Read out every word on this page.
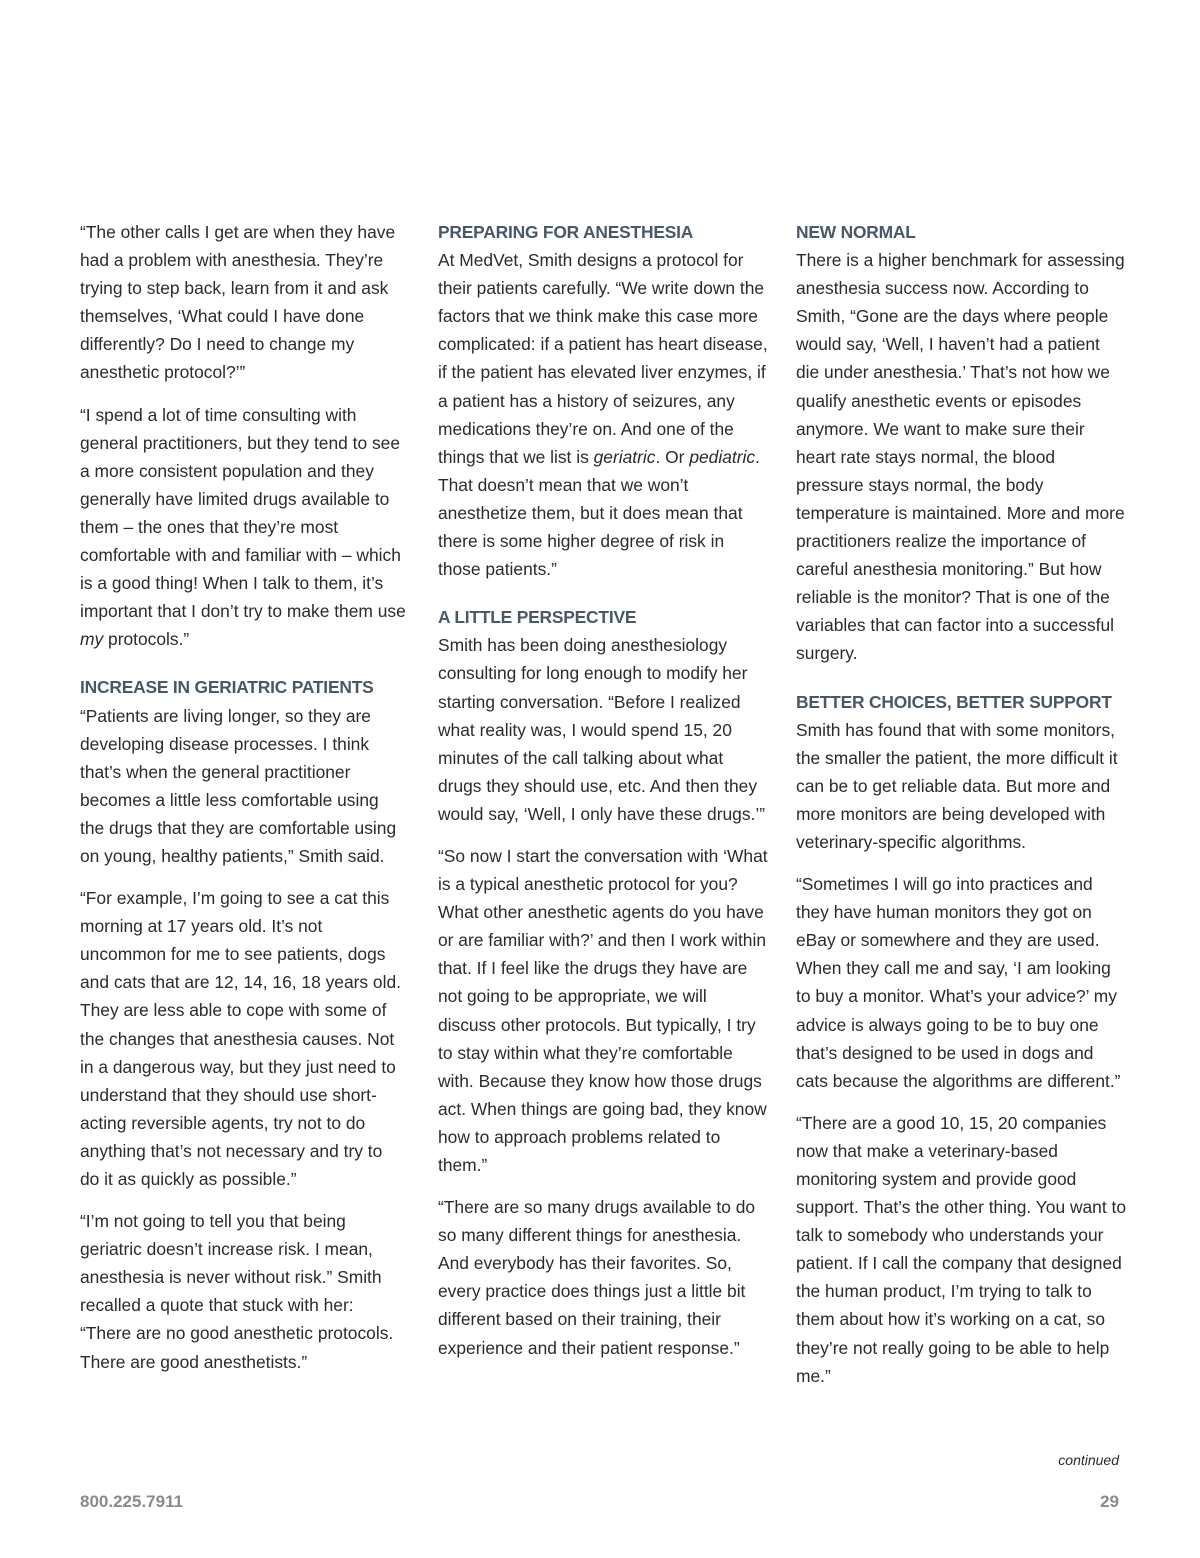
“The other calls I get are when they have had a problem with anesthesia. They’re trying to step back, learn from it and ask themselves, ‘What could I have done differently? Do I need to change my anesthetic protocol?’”

“I spend a lot of time consulting with general practitioners, but they tend to see a more consistent population and they generally have limited drugs available to them – the ones that they’re most comfortable with and familiar with – which is a good thing! When I talk to them, it’s important that I don’t try to make them use my protocols.”

INCREASE IN GERIATRIC PATIENTS

“Patients are living longer, so they are developing disease processes. I think that’s when the general practitioner becomes a little less comfortable using the drugs that they are comfortable using on young, healthy patients,” Smith said.

“For example, I’m going to see a cat this morning at 17 years old. It’s not uncommon for me to see patients, dogs and cats that are 12, 14, 16, 18 years old. They are less able to cope with some of the changes that anesthesia causes. Not in a dangerous way, but they just need to understand that they should use short-acting reversible agents, try not to do anything that’s not necessary and try to do it as quickly as possible.”

“I’m not going to tell you that being geriatric doesn’t increase risk. I mean, anesthesia is never without risk.” Smith recalled a quote that stuck with her: “There are no good anesthetic protocols. There are good anesthetists.”

PREPARING FOR ANESTHESIA

At MedVet, Smith designs a protocol for their patients carefully. “We write down the factors that we think make this case more complicated: if a patient has heart disease, if the patient has elevated liver enzymes, if a patient has a history of seizures, any medications they’re on. And one of the things that we list is geriatric. Or pediatric. That doesn’t mean that we won’t anesthetize them, but it does mean that there is some higher degree of risk in those patients.”

A LITTLE PERSPECTIVE

Smith has been doing anesthesiology consulting for long enough to modify her starting conversation. “Before I realized what reality was, I would spend 15, 20 minutes of the call talking about what drugs they should use, etc. And then they would say, ‘Well, I only have these drugs.’”

“So now I start the conversation with ‘What is a typical anesthetic protocol for you? What other anesthetic agents do you have or are familiar with?’ and then I work within that. If I feel like the drugs they have are not going to be appropriate, we will discuss other protocols. But typically, I try to stay within what they’re comfortable with. Because they know how those drugs act. When things are going bad, they know how to approach problems related to them.”

“There are so many drugs available to do so many different things for anesthesia. And everybody has their favorites. So, every practice does things just a little bit different based on their training, their experience and their patient response.”

NEW NORMAL

There is a higher benchmark for assessing anesthesia success now. According to Smith, “Gone are the days where people would say, ‘Well, I haven’t had a patient die under anesthesia.’ That’s not how we qualify anesthetic events or episodes anymore. We want to make sure their heart rate stays normal, the blood pressure stays normal, the body temperature is maintained. More and more practitioners realize the importance of careful anesthesia monitoring.” But how reliable is the monitor? That is one of the variables that can factor into a successful surgery.

BETTER CHOICES, BETTER SUPPORT

Smith has found that with some monitors, the smaller the patient, the more difficult it can be to get reliable data. But more and more monitors are being developed with veterinary-specific algorithms.

“Sometimes I will go into practices and they have human monitors they got on eBay or somewhere and they are used. When they call me and say, ‘I am looking to buy a monitor. What’s your advice?’ my advice is always going to be to buy one that’s designed to be used in dogs and cats because the algorithms are different.”

“There are a good 10, 15, 20 companies now that make a veterinary-based monitoring system and provide good support. That’s the other thing. You want to talk to somebody who understands your patient. If I call the company that designed the human product, I’m trying to talk to them about how it’s working on a cat, so they’re not really going to be able to help me.”

continued
800.225.7911	29
